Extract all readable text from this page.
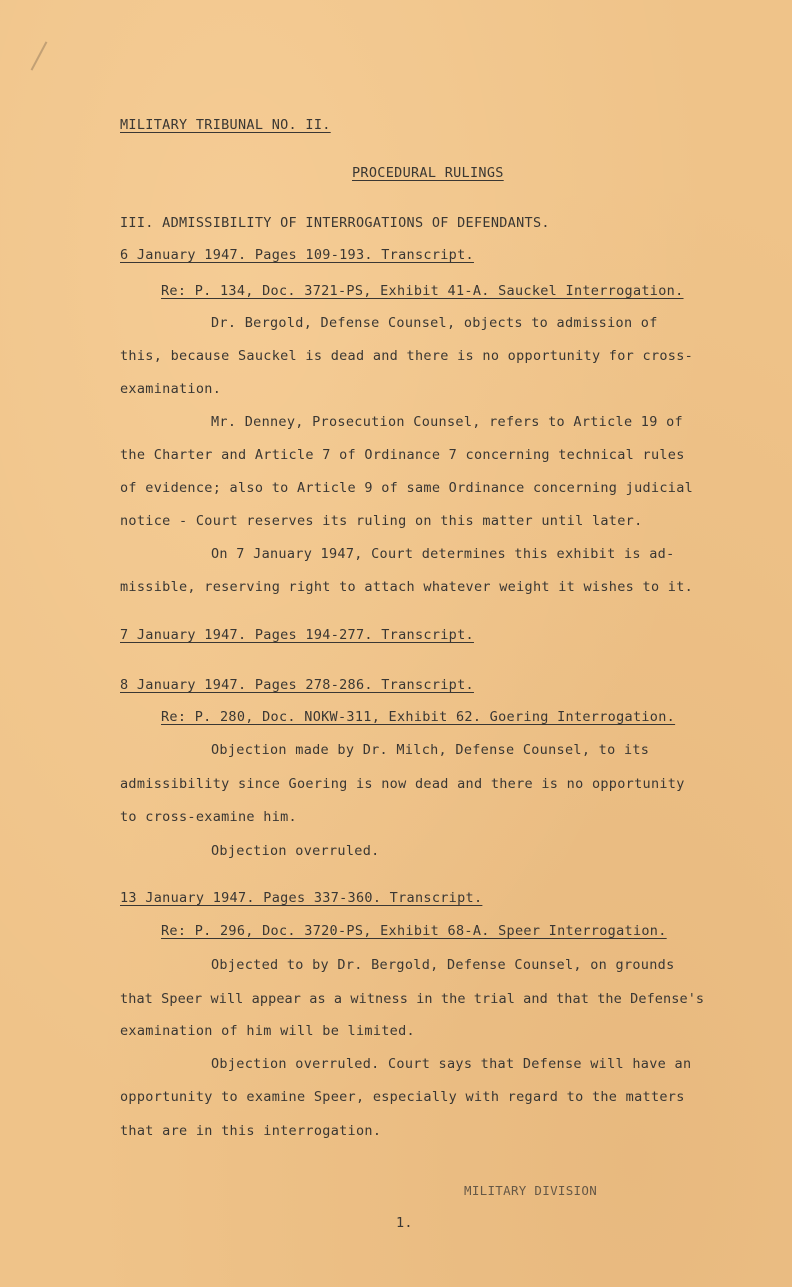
MILITARY TRIBUNAL NO. II.
PROCEDURAL RULINGS
III. ADMISSIBILITY OF INTERROGATIONS OF DEFENDANTS.
6 January 1947. Pages 109-193. Transcript.
Re: P. 134, Doc. 3721-PS, Exhibit 41-A. Sauckel Interrogation.
Dr. Bergold, Defense Counsel, objects to admission of
this, because Sauckel is dead and there is no opportunity for cross-
examination.
Mr. Denney, Prosecution Counsel, refers to Article 19 of
the Charter and Article 7 of Ordinance 7 concerning technical rules
of evidence; also to Article 9 of same Ordinance concerning judicial
notice - Court reserves its ruling on this matter until later.
On 7 January 1947, Court determines this exhibit is ad-
missible, reserving right to attach whatever weight it wishes to it.
7 January 1947. Pages 194-277. Transcript.
8 January 1947. Pages 278-286. Transcript.
Re: P. 280, Doc. NOKW-311, Exhibit 62. Goering Interrogation.
Objection made by Dr. Milch, Defense Counsel, to its
admissibility since Goering is now dead and there is no opportunity
to cross-examine him.
Objection overruled.
13 January 1947. Pages 337-360. Transcript.
Re: P. 296, Doc. 3720-PS, Exhibit 68-A. Speer Interrogation.
Objected to by Dr. Bergold, Defense Counsel, on grounds
that Speer will appear as a witness in the trial and that the Defense's
examination of him will be limited.
Objection overruled. Court says that Defense will have an
opportunity to examine Speer, especially with regard to the matters
that are in this interrogation.
MILITARY DIVISION
1.
